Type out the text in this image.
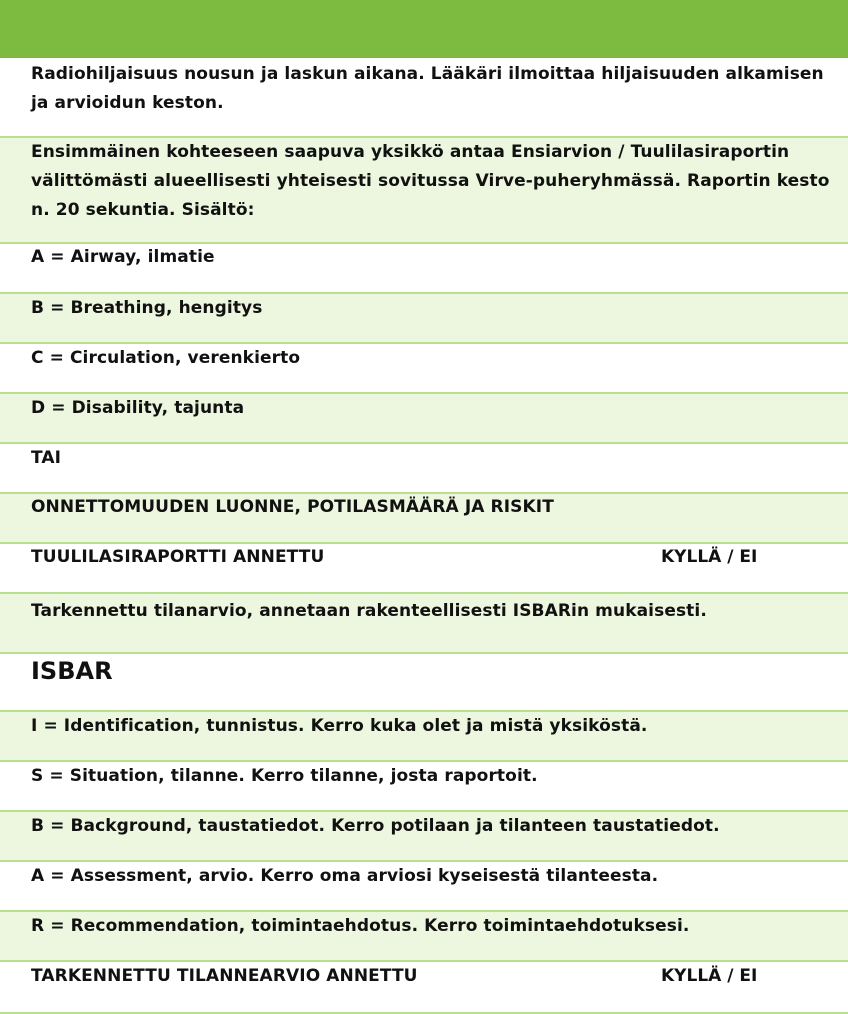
Radiohiljaisuus nousun ja laskun aikana. Lääkäri ilmoittaa hiljaisuuden alkamisen
ja arvioidun keston.
Ensimmäinen kohteeseen saapuva yksikkö antaa Ensiarvion / Tuulilasiraportin
välittömästi alueellisesti yhteisesti sovitussa Virve-puheryhmässä. Raportin kesto
n. 20 sekuntia. Sisältö:
A = Airway, ilmatie
B = Breathing, hengitys
C = Circulation, verenkierto
D = Disability, tajunta
TAI
ONNETTOMUUDEN LUONNE, POTILASMÄÄRÄ JA RISKIT
TUULILASIRAPORTTI ANNETTU	KYLLÄ / EI
Tarkennettu tilanarvio, annetaan rakenteellisesti ISBARin mukaisesti.
ISBAR
I = Identification, tunnistus. Kerro kuka olet ja mistä yksiköstä.
S = Situation, tilanne. Kerro tilanne, josta raportoit.
B = Background, taustatiedot. Kerro potilaan ja tilanteen taustatiedot.
A = Assessment, arvio. Kerro oma arviosi kyseisestä tilanteesta.
R = Recommendation, toimintaehdotus. Kerro toimintaehdotuksesi.
TARKENNETTU TILANNEARVIO ANNETTU	KYLLÄ / EI
